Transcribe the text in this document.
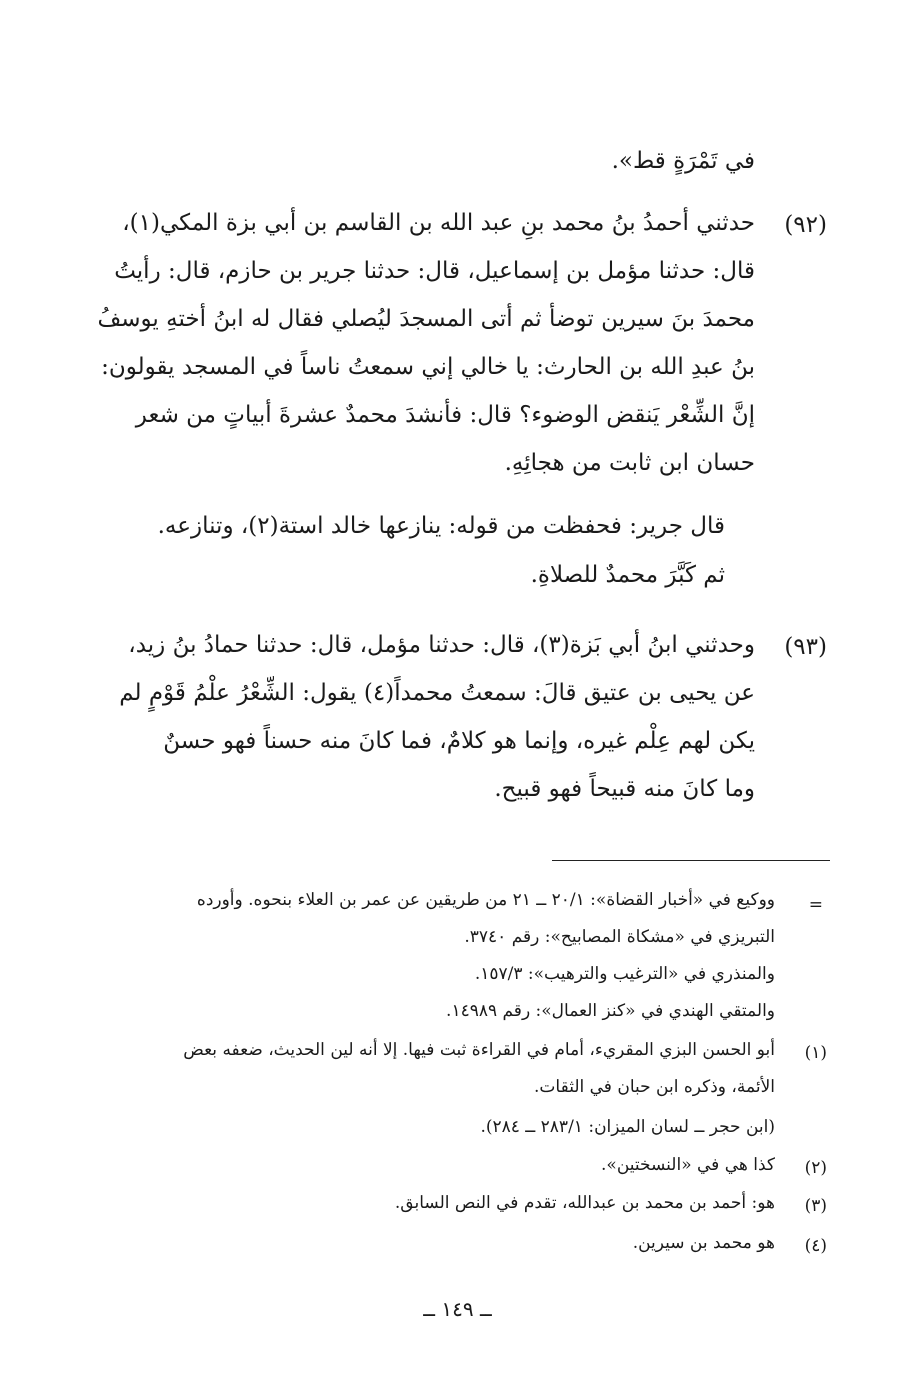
في تَمْرَةٍ قط».
(٩٢)
حدثني أحمدُ بنُ محمد بنِ عبد الله بن القاسم بن أبي بزة المكي(١)،
قال: حدثنا مؤمل بن إسماعيل، قال: حدثنا جرير بن حازم، قال: رأيتُ
محمدَ بنَ سيرين توضأ ثم أتى المسجدَ ليُصلي فقال له ابنُ أختهِ يوسفُ
بنُ عبدِ الله بن الحارث: يا خالي إني سمعتُ ناساً في المسجد يقولون:
إنَّ الشِّعْر يَنقض الوضوء؟ قال: فأنشدَ محمدٌ عشرةَ أبياتٍ من شعر
حسان ابن ثابت من هجائِهِ.
قال جرير: فحفظت من قوله: ينازعها خالد استة(٢)، وتنازعه.
ثم كَبَّرَ محمدٌ للصلاةِ.
(٩٣)
وحدثني ابنُ أبي بَزة(٣)، قال: حدثنا مؤمل، قال: حدثنا حمادُ بنُ زيد،
عن يحيى بن عتيق قالَ: سمعتُ محمداً(٤) يقول: الشِّعْرُ علْمُ قَوْمٍ لم
يكن لهم عِلْم غيره، وإنما هو كلامٌ، فما كانَ منه حسناً فهو حسنٌ
وما كانَ منه قبيحاً فهو قبيح.
=
ووكيع في «أخبار القضاة»: ٢٠/١ ــ ٢١ من طريقين عن عمر بن العلاء بنحوه. وأورده
التبريزي في «مشكاة المصابيح»: رقم ٣٧٤٠.
والمنذري في «الترغيب والترهيب»: ١٥٧/٣.
والمتقي الهندي في «كنز العمال»: رقم ١٤٩٨٩.
(١)
أبو الحسن البزي المقريء، أمام في القراءة ثبت فيها. إلا أنه لين الحديث، ضعفه بعض
الأئمة، وذكره ابن حبان في الثقات.
(ابن حجر ــ لسان الميزان: ٢٨٣/١ ــ ٢٨٤).
(٢)
كذا هي في «النسختين».
(٣)
هو: أحمد بن محمد بن عبدالله، تقدم في النص السابق.
(٤)
هو محمد بن سيرين.
ــ ١٤٩ ــ
